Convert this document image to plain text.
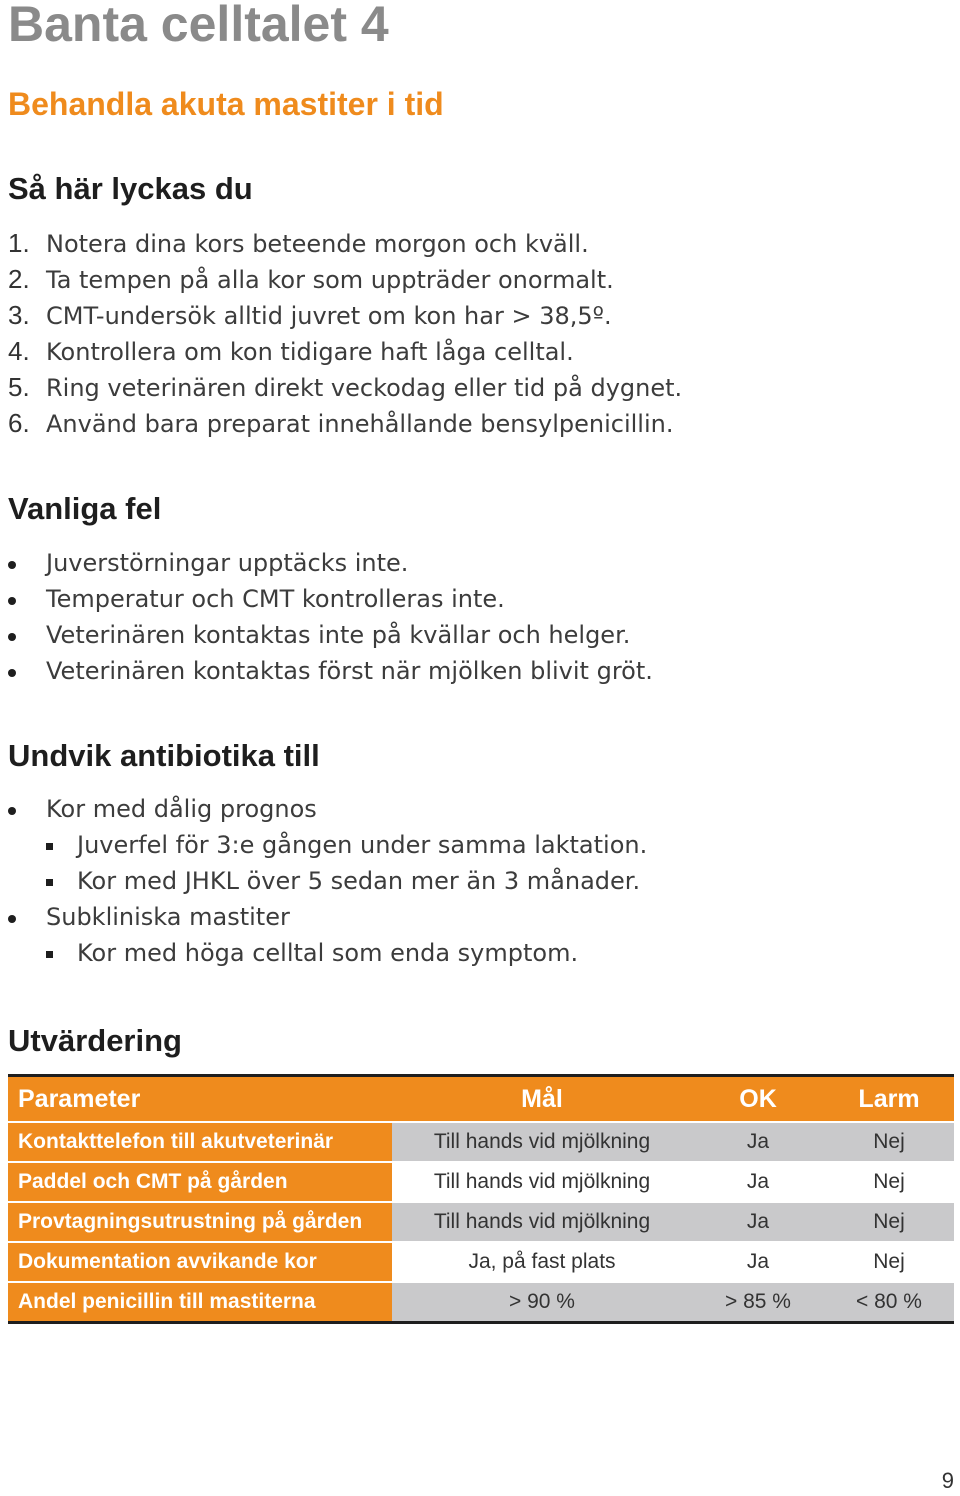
Banta celltalet 4
Behandla akuta mastiter i tid
Så här lyckas du
1. Notera dina kors beteende morgon och kväll.
2. Ta tempen på alla kor som uppträder onormalt.
3. CMT-undersök alltid juvret om kon har > 38,5º.
4. Kontrollera om kon tidigare haft låga celltal.
5. Ring veterinären direkt veckodag eller tid på dygnet.
6. Använd bara preparat innehållande bensylpenicillin.
Vanliga fel
Juverstörningar upptäcks inte.
Temperatur och CMT kontrolleras inte.
Veterinären kontaktas inte på kvällar och helger.
Veterinären kontaktas först när mjölken blivit gröt.
Undvik antibiotika till
Kor med dålig prognos
Juverfel för 3:e gången under samma laktation.
Kor med JHKL över 5 sedan mer än 3 månader.
Subkliniska mastiter
Kor med höga celltal som enda symptom.
Utvärdering
Parameter	Mål	OK	Larm
Kontakttelefon till akutveterinär	Till hands vid mjölkning	Ja	Nej
Paddel och CMT på gården	Till hands vid mjölkning	Ja	Nej
Provtagningsutrustning på gården	Till hands vid mjölkning	Ja	Nej
Dokumentation avvikande kor	Ja, på fast plats	Ja	Nej
Andel penicillin till mastiterna	> 90 %	> 85 %	< 80 %
9
